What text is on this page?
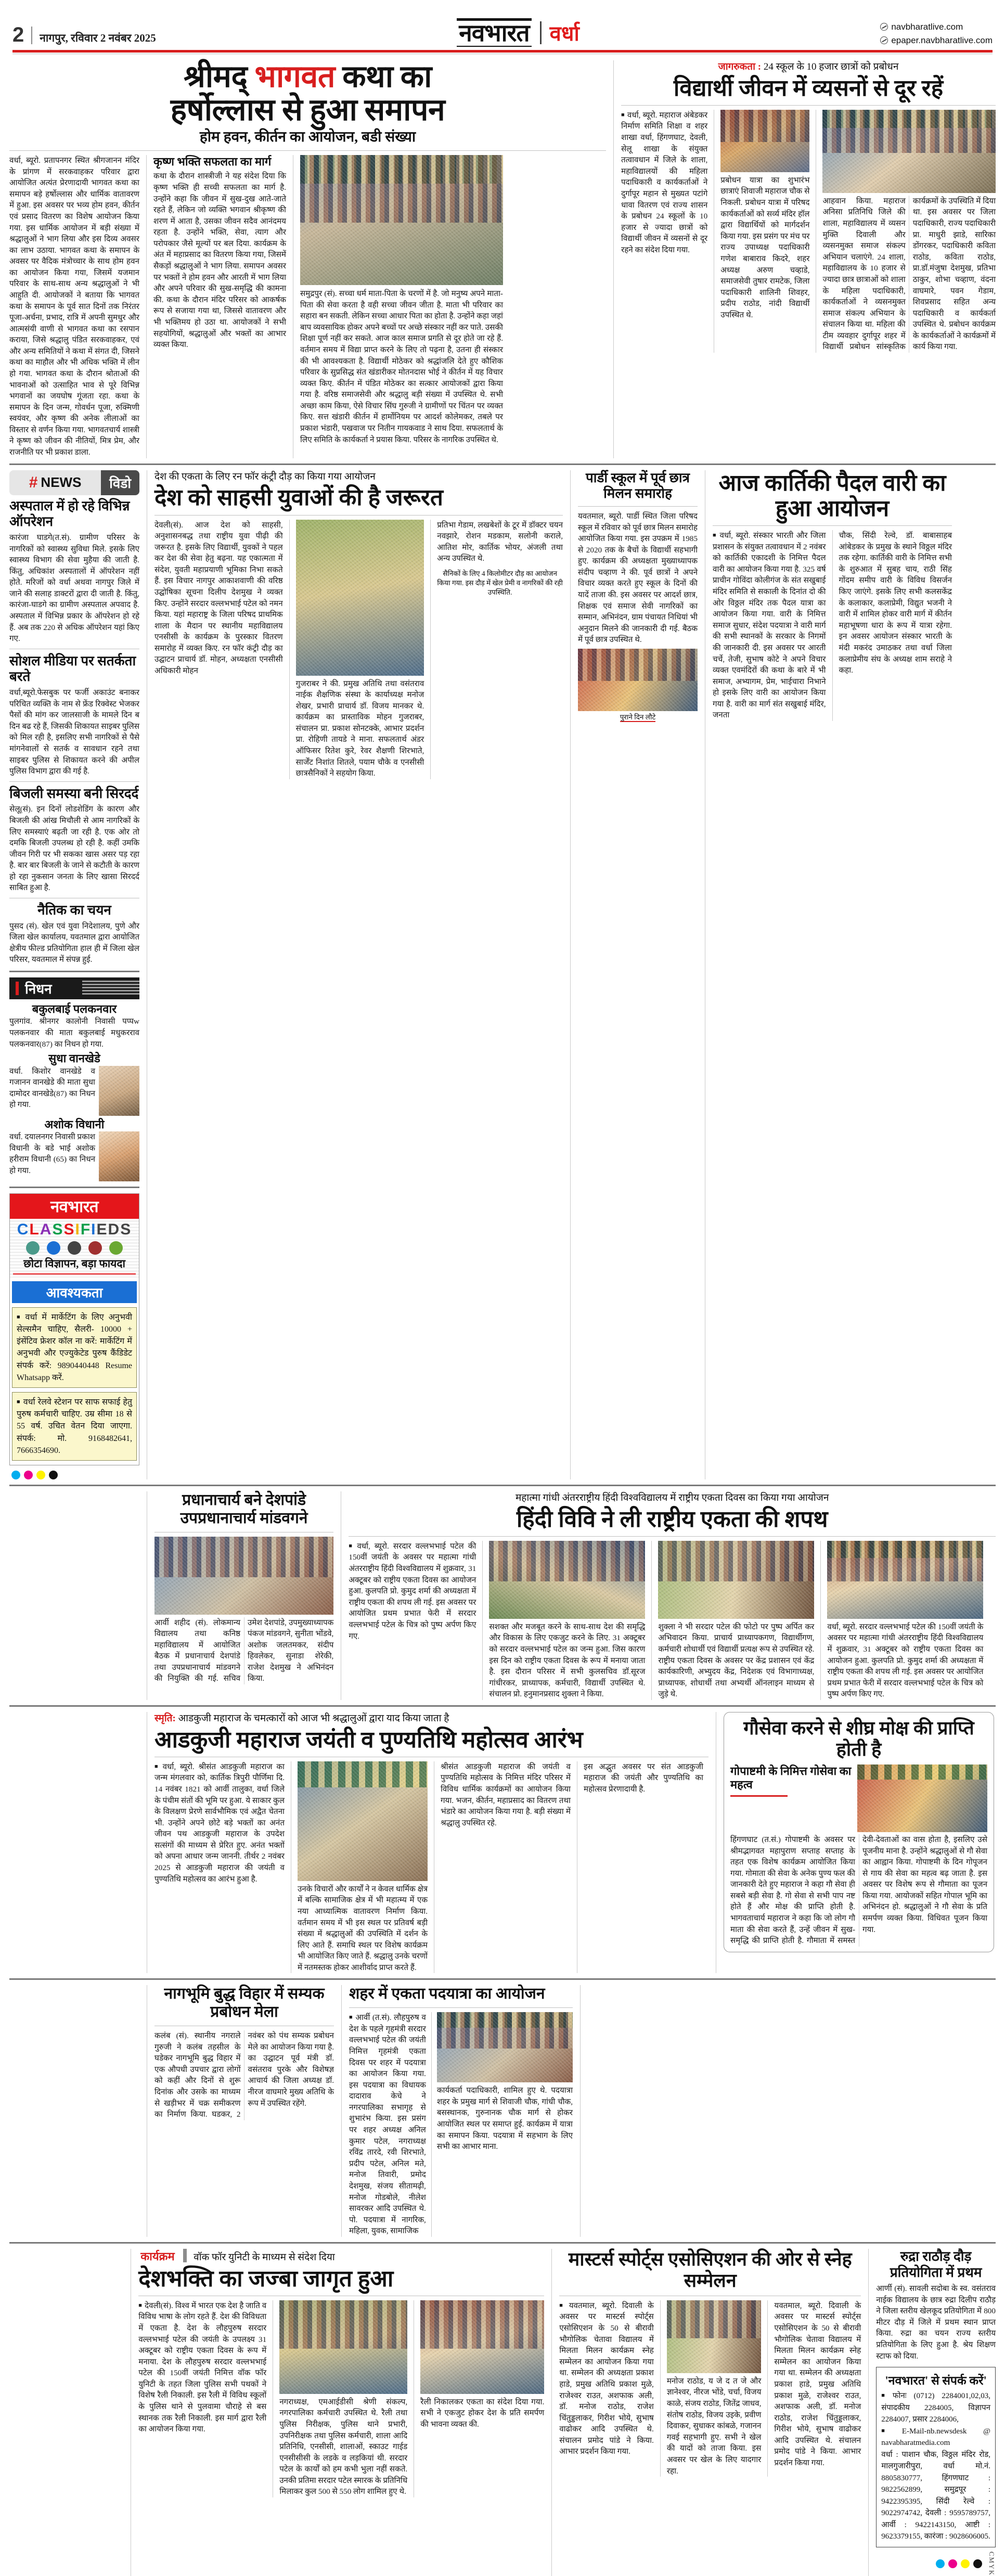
2 नागपुर, रविवार 2 नवंबर 2025	नवभारत वर्धा	navbharatlive.com
epaper.navbharatlive.com
श्रीमद् भागवत कथा का
हर्षोल्लास से हुआ समापन
होम हवन, कीर्तन का आयोजन, बडी संख्या
वर्धा, ब्यूरो. प्रतापनगर स्थित श्रीगजानन मंदिर के प्रांगण में सरकवाहकर परिवार द्वारा आयोजित अत्यंत प्रेरणादायी भागवत कथा का समापन बड़े हर्षोल्लास और धार्मिक वातावरण में हुआ. इस अवसर पर भव्य होम हवन, कीर्तन एवं प्रसाद वितरण का विशेष आयोजन किया गया. इस धार्मिक आयोजन में बड़ी संख्या में श्रद्धालुओं ने भाग लिया और इस दिव्य अवसर का लाभ उठाया. भागवत कथा के समापन के अवसर पर वैदिक मंत्रोच्चार के साथ होम हवन का आयोजन किया गया, जिसमें यजमान परिवार के साथ-साथ अन्य श्रद्धालुओं ने भी आहुति दी. आयोजकों ने बताया कि भागवत कथा के समापन के पूर्व सात दिनों तक निरंतर पूजा-अर्चना, प्रभाद, रात्रि में अपनी सुमधुर और आत्मसंयी वाणी से भागवत कथा का रसपान कराया, जिसे श्रद्धालु पंडित सरकवाहकर, एवं और अन्य समितियों ने कथा में संगत दी, जिसने कथा का माहौल और भी अधिक भक्ति में लीन हो गया. भागवत कथा के दौरान श्रोताओं की भावनाओं को उत्साहित भाव से पूरे विभिन्न भगवानों का जयघोष गूंजता रहा. कथा के समापन के दिन जन्म, गोवर्धन पूजा, रुक्मिणी स्वयंवर, और कृष्ण की अनेक लीलाओं का विस्तार से वर्णन किया गया. भागवतचार्य शास्त्री ने कृष्ण को जीवन की नीतियों, मित्र प्रेम, और राजनीति पर भी प्रकाश डाला.
कृष्ण भक्ति सफलता का मार्ग
कथा के दौरान शास्त्रीजी ने यह संदेश दिया कि कृष्ण भक्ति ही सच्ची सफलता का मार्ग है. उन्होंने कहा कि जीवन में सुख-दुख आते-जाते रहते हैं, लेकिन जो व्यक्ति भगवान श्रीकृष्ण की शरण में आता है, उसका जीवन सदैव आनंदमय रहता है. उन्होंने भक्ति, सेवा, त्याग और परोपकार जैसे मूल्यों पर बल दिया. कार्यक्रम के अंत में महाप्रसाद का वितरण किया गया, जिसमें सैकड़ों श्रद्धालुओं ने भाग लिया. समापन अवसर पर भक्तों ने होम हवन और आरती में भाग लिया और अपने परिवार की सुख-समृद्धि की कामना की. कथा के दौरान मंदिर परिसर को आकर्षक रूप से सजाया गया था, जिससे वातावरण और भी भक्तिमय हो उठा था. आयोजकों ने सभी सहयोगियों, श्रद्धालुओं और भक्तों का आभार व्यक्त किया.
समुद्रपुर (सं). सच्चा धर्म माता-पिता के चरणों में है. जो मनुष्य अपने माता-पिता की सेवा करता है वही सच्चा जीवन जीता है. माता भी परिवार का सहारा बन सकती. लेकिन सच्चा आधार पिता का होता है. उन्होंने कहा जहां बाप व्यवसायिक होकर अपने बच्चों पर अच्छे संस्कार नहीं कर पाते. उसकी शिक्षा पूर्ण नहीं कर सकते. आज काल समाज प्रगति से दूर होते जा रहे हैं. वर्तमान समय में विद्या प्राप्त करने के लिए तो पढ़ना है, उतना ही संस्कार की भी आवश्यकता है. विद्यार्थी मोठेकर को श्रद्धांजलि देते हुए कौशिक परिवार के सुप्रसिद्ध संत खंडारीकर मोतनदास भोई ने कीर्तन में यह विचार व्यक्त किए. कीर्तन में पंडित मोठेकर का सत्कार आयोजकों द्वारा किया गया है. वरिष्ठ समाजसेवी और श्रद्धालु बड़ी संख्या में उपस्थित थे. सभी अच्छा काम किया, ऐसे विचार सिंघ गुरुजी ने ग्रामीणों पर चिंतन पर व्यक्त किए. सत्त खंडारी कीर्तन में हार्मोनियम पर आदर्श कोलेमकर, तबले पर प्रकाश भंडारी, पखवाज पर नितीन गायकवाड ने साथ दिया. सफलतार्थ के लिए समिति के कार्यकर्ता ने प्रयास किया. परिसर के नागरिक उपस्थित थे.
जागरुकता : 24 स्कूल के 10 हजार छात्रों को प्रबोधन
विद्यार्थी जीवन में व्यसनों से दूर रहें
■ वर्धा, ब्यूरो. महाराज अंबेडकर निर्माण समिति शिक्षा व शहर शाखा वर्धा, हिंगणघाट, देवली, सेलू शाखा के संयुक्त तत्वावधान में जिले के शाला, महाविद्यालयों की महिला पदाधिकारी व कार्यकर्ताओं ने दुर्गापूर महान से मुख्यत पटांगे धावा वितरण एवं राज्य शासन के प्रबोधन 24 स्कूलों के 10 हजार से ज्यादा छात्रों को विद्यार्थी जीवन में व्यसनों से दूर रहने का संदेश दिया गया.
प्रबोधन यात्रा का शुभारंभ छात्राएं शिवाजी महाराज चौक से निकली. प्रबोधन यात्रा में परिषद कार्यकर्ताओं को सर्व्य मंदिर हॉल द्वारा विद्यार्थियों को मार्गदर्शन किया गया. इस प्रसंग पर मंच पर राज्य उपाध्यक्ष पदाधिकारी गणेश बाबाराव किदरे, शहर अध्यक्ष अरुण चव्हाडे, समाजसेवी तुषार रामटेक, जिला पदाधिकारी शालिनी शिवहर, प्रदीप राठोड, नांदी विद्यार्थी उपस्थित थे.
आहवान किया. महाराज अनिसा प्रतिनिधि जिले की शाला, महाविद्यालय में व्यसन मुक्ति दिवाली और व्यसनमुक्त समाज संकल्प अभियान चलाएंगे. 24 शाला, महाविद्यालय के 10 हजार से ज्यादा छात्र छात्राओं को शाला के महिला पदाधिकारी, कार्यकर्ताओं ने व्यसनमुक्त समाज संकल्प अभियान के संचालन किया था. महिला की टीम व्यवहार दुर्गापूर शहर में विद्यार्थी प्रबोधन सांस्कृतिक कार्यक्रमों के उपस्थिति में दिया था. इस अवसर पर जिला पदाधिकारी, राज्य पदाधिकारी प्रा. माधुरी झाडे, सारिका डोंगरकर, पदाधिकारी कविता राठोड, कविता राठोड, प्रा.डॉ.मंजुषा देशमुख, प्रतिभा ठाकुर, शोभा चव्हाण, वंदना वाघमारे, पवन गेडाम, शिवप्रसाद सहित अन्य पदाधिकारी व कार्यकर्ता उपस्थित थे. प्रबोधन कार्यक्रम के कार्यकर्ताओं ने कार्यक्रमों में कार्य किया गया.
# NEWS	विडो
अस्पताल में हो रहे विभिन्न ऑपरेशन
कारंजा घाडगे(त.सं). ग्रामीण परिसर के नागरिकों को स्वास्थ्य सुविधा मिले. इसके लिए स्वास्थ्य विभाग की सेवा मुहैया की जाती है. किंतु, अधिकांश अस्पतालों में ऑपरेशन नहीं होते. मरिजों को वर्धा अथवा नागपुर जिले में जाने की सलाह डाक्टरों द्वारा दी जाती है. किंतु, कारंजा-घाडगे का ग्रामीण अस्पताल अपवाद है. अस्पताल में विभिन्न प्रकार के ऑपरेशन हो रहे हैं. अब तक 220 से अधिक ऑपरेशन यहां किए गए.
सोशल मीडिया पर सतर्कता बरते
वर्धा,ब्यूरो.फेसबुक पर फर्जी अकाउंट बनाकर परिचित व्यक्ति के नाम से फ्रेंड रिक्वेस्ट भेजकर पैसों की मांग कर जालसाजी के मामले दिन ब दिन बढ रहे हैं, जिसकी शिकायत साइबर पुलिस को मिल रही है, इसलिए सभी नागरिकों से पैसे मांगनेवालों से सतर्क व सावधान रहने तथा साइबर पुलिस से शिकायत करने की अपील पुलिस विभाग द्वारा की गई है.
बिजली समस्या बनी सिरदर्द
सेलू(सं). इन दिनों लोडशेडिंग के कारण और बिजली की आंख मिचौली से आम नागरिकों के लिए समस्याएं बढ़ती जा रही है. एक ओर तो दमकि बिजली उपलब्ध हो रही है. कहीं उमकि जीवन गिरी पर भी सकका खास असर पड़ रहा है. बार बार बिजली के जाने से कटौती के कारण हो रहा नुकसान जनता के लिए खासा सिरदर्द साबित हुआ है.
नैतिक का चयन
पुसद (सं). खेल एवं युवा निदेशालय, पुणे और जिला खेल कार्यालय, यवतमाल द्वारा आयोजित क्षेत्रीय फील्ड प्रतियोगिता हाल ही में जिला खेल परिसर, यवतमाल में संपन्न हुई.
निधन
बकुलबाई पलकनवार
पुलगांव. श्रीनगर कालोनी निवासी पप्पw पलकनवार की माता बकुलबाई मधुकरराव पलकनवार(87) का निधन हो गया.
सुधा वानखेडे
वर्धा. किशोर वानखेडे व गजानन वानखेडे की माता सुधा दामोदर वानखेडे(87) का निधन हो गया.
अशोक विधानी
वर्धा. दयालनगर निवासी प्रकाश विधानी के बडे भाई अशोक हरीराम विधानी (65) का निधन हो गया.
नवभारत
CLASSIFIEDS
छोटा विज्ञापन, बड़ा फायदा
आवश्यकता
■ वर्धा में मार्केटिंग के लिए अनुभवी सेल्समैन चाहिए, सैलरी- 10000 + इंसेंटिव फ्रेशर कॉल ना करें: मार्केटिंग में अनुभवी और एज्युकेटेड पुरुष कैंडिडेट संपर्क करें: 9890440448 Resume Whatsapp करें.
■ वर्धा रेलवे स्टेशन पर साफ सफाई हेतु पुरुष कर्मचारी चाहिए. उम्र सीमा 18 से 55 वर्ष. उचित वेतन दिया जाएगा. संपर्क: मो. 9168482641, 7666354690.
देश की एकता के लिए रन फॉर कंट्री दौड़ का किया गया आयोजन
देश को साहसी युवाओं की है जरूरत
देवली(सं). आज देश को साहसी, अनुशासनबद्ध तथा राष्ट्रीय युवा पीढ़ी की जरूरत है. इसके लिए विद्यार्थी, युवकों ने पहल कर देश की सेवा हेतु बढ़ना. यह एकात्मता में संदेश, युवती महाप्रयाणी भूमिका निभा सकते हैं. इस विचार नागपुर आकाशवाणी की वरिष्ठ उद्घोषिका सूचना दिलीप देशमुख ने व्यक्त किए. उन्होंने सरदार वल्लभभाई पटेल को नमन किया. यहां महाराष्ट्र के जिला परिषद प्राथमिक शाला के मैदान पर स्थानीय महाविद्यालय एनसीसी के कार्यक्रम के पुरस्कार वितरण समारोह में व्यक्त किए. रन फॉर कंट्री दौड़ का उद्घाटन प्राचार्य डॉ. मोहन, अध्यक्षता एनसीसी अधिकारी मोहन
गुजराबर ने की. प्रमुख अतिथि तथा वसंतराव नाईक शैक्षणिक संस्था के कार्याध्यक्ष मनोज शेखर, प्रभारी प्राचार्य डॉ. विजय मानकर थे. कार्यक्रम का प्रास्ताविक मोहन गुजराबर, संचालन प्रा. प्रकाश सोनटक्के, आभार प्रदर्शन प्रा. रोहिणी तायडे ने माना. सफलतार्थ अंडर ऑफिसर रितेश कुरे, रेवर शैक्षणी शिरभाते, सार्जेंट निशांत शितले, पयाम चौके व एनसीसी छात्रसैनिकों ने सहयोग किया.
प्रतिभा गेडाम, लखबेशों के टूर में डॉक्टर चयन नवझारे, रोशन मडकाम, सलोनी कराले, आतिश मोर, कार्तिक भोयर, अंजली तथा अन्य उपस्थित थे.
सैनिकों के लिए 4 किलोमीटर दौड़ का आयोजन किया गया. इस दौड़ में खेल प्रेमी व नागरिकों की रही उपस्थिति.
पार्डी स्कूल में पूर्व छात्र मिलन समारोह
यवतमाल, ब्यूरो. पार्डी स्थित जिला परिषद स्कूल में रविवार को पूर्व छात्र मिलन समारोह आयोजित किया गया. इस उपक्रम में 1985 से 2020 तक के बैचों के विद्यार्थी सहभागी हुए. कार्यक्रम की अध्यक्षता मुख्याध्यापक संदीप चव्हाण ने की. पूर्व छात्रों ने अपने विचार व्यक्त करते हुए स्कूल के दिनों की यादें ताजा की. इस अवसर पर आदर्श छात्र, शिक्षक एवं समाज सेवी नागरिकों का सम्मान, अभिनंदन, ग्राम पंचायत निधियां भी अनुदान मिलने की जानकारी दी गई. बैठक में पूर्व छात्र उपस्थित थे.
पुराने दिन लौटे
आज कार्तिकी पैदल वारी का हुआ आयोजन
■ वर्धा, ब्यूरो. संस्कार भारती और जिला प्रशासन के संयुक्त तत्वावधान में 2 नवंबर को कार्तिकी एकादशी के निमित्त पैदल वारी का आयोजन किया गया है. 325 वर्ष प्राचीन गोविंदा कोलीगंज के संत सखुबाई मंदिर समिति से सकाली के दिनांत दो की ओर विठ्ठल मंदिर तक पैदल यात्रा का आयोजन किया गया. वारी के निमित्त समाज सुधार, संदेश पदयात्रा ने वारी मार्ग की सभी स्थानकों के सरकार के निगमों की जानकारी दी. इस अवसर पर आरती चर्चे, तेजी, सुभाष कोटे ने अपने विचार व्यक्त एवमंदिरों की कथा के बारे में भी समाज, अभ्यागम, प्रेम, भाईचारा निभाने हो इसके लिए वारी का आयोजन किया गया है. वारी का मार्ग संत सखुबाई मंदिर, जनता
चौक, सिंदी रेल्वे, डॉ. बाबासाहब आंबेडकर के प्रमुख के स्थाने विठ्ठल मंदिर तक रहेगा. कार्तिकी वारी के निमित्त सभी के शुरुआत में सुबह चाय, राठी सिंह गोंदम समीप वारी के विविध विसर्जन किए जाएंगे. इसके लिए सभी कलसकेंद्र के कलाकार, कलाप्रेमी, विद्युत भजनी ने वारी में शामिल होकर वारी मार्ग में कीर्तन महाभूषणा धारा के रूप में यात्रा रहेगा. इन अवसर आयोजन संस्कार भारती के मंदी मकरंद उमाठकर तथा वर्धा जिला कलाप्रेमीय संघ के अध्यक्ष शाम सराहे ने कहा.
प्रधानाचार्य बने देशपांडे
उपप्रधानाचार्य मांडवगने
आर्वी शहीद (सं). लोकमान्य विद्यालय तथा कनिष्ठ महाविद्यालय में आयोजित बैठक में प्रधानाचार्य देशपांडे तथा उपप्रधानाचार्य मांडवगने की नियुक्ति की गई. सचिव उमेश देशपांडे, उपमुख्याध्यापक पंकज मांडवगने, सुनीता भोंडवे, अशोक जलतमकर, संदीप हिवलेकर, सुनाडा शेरेकी, राजेश देशमुख ने अभिनंदन किया.
महात्मा गांधी अंतरराष्ट्रीय हिंदी विश्वविद्यालय में राष्ट्रीय एकता दिवस का किया गया आयोजन
हिंदी विवि ने ली राष्ट्रीय एकता की शपथ
■ वर्धा, ब्यूरो. सरदार वल्लभभाई पटेल की 150वीं जयंती के अवसर पर महात्मा गांधी अंतरराष्ट्रीय हिंदी विश्वविद्यालय में शुक्रवार, 31 अक्टूबर को राष्ट्रीय एकता दिवस का आयोजन हुआ. कुलपति प्रो. कुमुद शर्मा की अध्यक्षता में राष्ट्रीय एकता की शपथ ली गई. इस अवसर पर आयोजित प्रथम प्रभात फेरी में सरदार वल्लभभाई पटेल के चित्र को पुष्प अर्पण किए गए.
सशक्त और मजबूत करने के साथ-साथ देश की समृद्धि और विकास के लिए एकजुट करने के लिए. 31 अक्टूबर को सरदार वल्लभभाई पटेल का जन्म हुआ. जिस कारण इस दिन को राष्ट्रीय एकता दिवस के रूप में मनाया जाता है. इस दौरान परिसर में सभी कुलसचिव डॉ.सूरज गांधीरकर, प्राध्यापक, कर्मचारी, विद्यार्थी उपस्थित थे. संचालन प्रो. हनुमानप्रसाद शुक्ला ने किया.
शुक्ला ने भी सरदार पटेल की फोटो पर पुष्प अर्पित कर अभिवादन किया. प्राचार्य प्राध्यापकगण, विद्यार्थीगण, कर्मचारी शोधार्थी एवं विद्यार्थी प्रत्यक्ष रूप से उपस्थित रहे. राष्ट्रीय एकता दिवस के अवसर पर केंद्र प्रशासन एवं केंद्र कार्यकारिणी, अभ्युदय केंद्र, निदेशक एवं विभागाध्यक्ष, प्राध्यापक, शोधार्थी तथा अभ्यर्थी ऑनलाइन माध्यम से जुड़े थे.
वर्धा, ब्यूरो. सरदार वल्लभभाई पटेल की 150वीं जयंती के अवसर पर महात्मा गांधी अंतरराष्ट्रीय हिंदी विश्वविद्यालय में शुक्रवार, 31 अक्टूबर को राष्ट्रीय एकता दिवस का आयोजन हुआ. कुलपति प्रो. कुमुद शर्मा की अध्यक्षता में राष्ट्रीय एकता की शपथ ली गई. इस अवसर पर आयोजित प्रथम प्रभात फेरी में सरदार वल्लभभाई पटेल के चित्र को पुष्प अर्पण किए गए.
स्मृति: आडकुजी महाराज के चमत्कारों को आज भी श्रद्धालुओं द्वारा याद किया जाता है
आडकुजी महाराज जयंती व पुण्यतिथि महोत्सव आरंभ
■ वर्धा, ब्यूरो. श्रीसंत आडकुजी महाराज का जन्म मंगलवार को, कार्तिक त्रिपुरी पौर्णिमा दि. 14 नवंबर 1821 को आर्वी तालुका, वर्धा जिले के पंचीम संतों की भूमि पर हुआ. ये साकार कुल के विलक्षण प्रेरणे सार्वभौमिक एवं अद्वैत चेतना भी. उन्होंने अपने छोटे बड़े भक्तों का अनंत जीवन पथ आडकुजी महाराज के उपदेश सत्संगों की माध्यम से प्रेरित हुए. अनंत भक्तों को अपना आधार जन्म जाननी. तीर्थर 2 नवंबर 2025 से आडकुजी महाराज की जयंती व पुण्यतिथि महोत्सव का आरंभ हुआ है.
उनके विचारों और कार्यों ने न केवल धार्मिक क्षेत्र में बल्कि सामाजिक क्षेत्र में भी महात्म्य में एक नया आध्यात्मिक वातावरण निर्माण किया. वर्तमान समय में भी इस स्थल पर प्रतिवर्ष बड़ी संख्या में श्रद्धालुओं की उपस्थिति में दर्शन के लिए आते हैं. समाधि स्थल पर विशेष कार्यक्रम भी आयोजित किए जाते हैं. श्रद्धालु उनके चरणों में नतमस्तक होकर आशीर्वाद प्राप्त करते हैं.
श्रीसंत आडकुजी महाराज की जयंती व पुण्यतिथि महोत्सव के निमित्त मंदिर परिसर में विविध धार्मिक कार्यक्रमों का आयोजन किया गया. भजन, कीर्तन, महाप्रसाद का वितरण तथा भंडारे का आयोजन किया गया है. बड़ी संख्या में श्रद्धालु उपस्थित रहे.
इस अद्भुत अवसर पर संत आडकुजी महाराज की जयंती और पुण्यतिथि का महोत्सव प्रेरणादायी है.
गौसेवा करने से शीघ्र मोक्ष की प्राप्ति होती है
गोपाष्टमी के निमित्त गोसेवा का महत्व
हिंगणघाट (त.सं.) गोपाष्टमी के अवसर पर श्रीमद्भागवत महापुराण सप्ताह सप्ताह के तहत एक विशेष कार्यक्रम आयोजित किया गया. गोमाता की सेवा के अनेक पुण्य फल की जानकारी देते हुए महाराज ने कहा गौ सेवा ही सबसे बड़ी सेवा है. गो सेवा से सभी पाप नष्ट होते हैं और मोक्ष की प्राप्ति होती है. भागवताचार्य महाराज ने कहा कि जो लोग गौ माता की सेवा करते हैं, उन्हें जीवन में सुख-समृद्धि की प्राप्ति होती है. गौमाता में समस्त देवी-देवताओं का वास होता है, इसलिए उसे पूजनीय माना है. उन्होंने श्रद्धालुओं से गौ सेवा का आह्वान किया. गोपाष्टमी के दिन गोपूजन से गाय की सेवा का महत्व बढ़ जाता है. इस अवसर पर विशेष रूप से गौमाता का पूजन किया गया. आयोजकों सहित गोपाल भूमि का अभिनंदन हो. श्रद्धालुओं ने गौ सेवा के प्रति समर्पण व्यक्त किया. विधिवत पूजन किया गया.
नागभूमि बुद्ध विहार में सम्यक प्रबोधन मेला
कलंब (सं). स्थानीय नगराले गुरुजी ने कलंब तहसील के घडेकर नागभूमि बुद्ध विहार में एक औपधी उपचार द्वारा लोगों को कहीं और दिनों से शुरू दिनांक और उसके का माध्यम से खड़ीभर में चक्र समीकरण का निर्माण किया. घडकर, 2 नवंबर को पंथ सम्यक प्रबोधन मेले का आयोजन किया गया है. का उद्घाटन पूर्व मंत्री डॉ. वसंतराव पुरके और विशेषज्ञ आचार्य की जिला अध्यक्ष डॉ. नीरज वाघमारे मुख्य अतिथि के रूप में उपस्थित रहेंगे.
शहर में एकता पदयात्रा का आयोजन
■ आर्वी (त.सं). लौहपुरुष व देश के पहले गृहमंत्री सरदार वल्लभभाई पटेल की जयंती निमित्त गृहमंत्री एकता दिवस पर शहर में पदयात्रा का आयोजन किया गया. इस पदयात्रा का विधायक दादाराव केचे ने नगरपालिका सभागृह से शुभारंभ किया. इस प्रसंग पर शहर अध्यक्ष अनिल कुमार पटेल, नगराध्यक्ष रविंद्र तारदे, रवी शिरभाते, प्रदीप पटेल, अनिल मते, मनोज तिवारी, प्रमोद देशमुख, संजय सीतामढ़ी, मनोज गोडबोले, नीलेश सावरकर आदि उपस्थित थे. पो. पदयात्रा में नागरिक, महिला, युवक, सामाजिक
कार्यकर्ता पदाधिकारी, शामिल हुए थे. पदयात्रा शहर के प्रमुख मार्ग से शिवाजी चौक, गांधी चौक, बसस्थानक, गुरुनानक चौक मार्ग से होकर आयोजित स्थल पर समाप्त हुई. कार्यक्रम में यात्रा का समापन किया. पदयात्रा में सहभाग के लिए सभी का आभार माना.
कार्यक्रम वॉक फॉर युनिटी के माध्यम से संदेश दिया
देशभक्ति का जज्बा जागृत हुआ
■ देवली(सं). विश्व में भारत एक देश है जाति व विविध भाषा के लोग रहते हैं. देश की विविधता में एकता है. देश के लौहपुरुष सरदार वल्लभभाई पटेल की जयंती के उपलक्ष्य 31 अक्टूबर को राष्ट्रीय एकता दिवस के रूप में मनाया. देश के लौहपुरुष सरदार वल्लभभाई पटेल की 150वीं जयंती निमित्त वॉक फॉर युनिटी के तहत जिला पुलिस सभी पथकों ने विशेष रैली निकाली. इस रैली में विविध स्कूलों के पुलिस थाने से पुलवामा चौराहे से बस स्थानक तक रैली निकाली. इस मार्ग द्वारा रैली का आयोजन किया गया.
नगराध्यक्ष, एमआईडीसी श्रेणी संकल्प, नगरपालिका कर्मचारी उपस्थित थे. रैली तथा पुलिस निरीक्षक, पुलिस थाने प्रभारी, उपनिरीक्षक तथा पुलिस कर्मचारी, शाला आदि प्रतिनिधि, एनसीसी, शालाओं, स्काउट गाईड एनसीसीसी के लडके व लड़कियां थी. सरदार पटेल के कार्यों को हम कभी भुला नहीं सकते. उनकी प्रतिमा सरदार पटेल स्मारक के प्रतिनिधि मिलाकर कुल 500 से 550 लोग शामिल हुए थे.
रैली निकालकर एकता का संदेश दिया गया. सभी ने एकजुट होकर देश के प्रति समर्पण की भावना व्यक्त की.
मास्टर्स स्पोर्ट्स एसोसिएशन की ओर से स्नेह सम्मेलन
■ यवतमाल, ब्यूरो. दिवाली के अवसर पर मास्टर्स स्पोर्ट्स एसोसिएशन के 50 से बीरावी भौगोलिक चेतावा विद्यालय में मिलता मिलन कार्यक्रम स्नेह सम्मेलन का आयोजन किया गया था. सम्मेलन की अध्यक्षता प्रकाश हाडे, प्रमुख अतिथि प्रकाश मुळे, राजेश्वर राउत, अशफाक अली, डॉ. मनोज राठोड, राजेश चिंतुड्डलाकर, गिरीश भोये, सुभाष वाढोकर आदि उपस्थित थे. संचालन प्रमोद पांडे ने किया. आभार प्रदर्शन किया गया.
मनोज राठोड, य जे द त जे और ज्ञानेश्वर, नीरज भोंडे, चर्चा, विजय काळे, संजय राठोड, जितेंद्र जाधव, संतोष राठोड, विजय उइके, प्रवीण दिवाकर, सुधाकर कांबळे, गजानन गवई सहभागी हुए. सभी ने खेल की यादों को ताजा किया. इस अवसर पर खेल के लिए यादगार रहा.
यवतमाल, ब्यूरो. दिवाली के अवसर पर मास्टर्स स्पोर्ट्स एसोसिएशन के 50 से बीरावी भौगोलिक चेतावा विद्यालय में मिलता मिलन कार्यक्रम स्नेह सम्मेलन का आयोजन किया गया था. सम्मेलन की अध्यक्षता प्रकाश हाडे, प्रमुख अतिथि प्रकाश मुळे, राजेश्वर राउत, अशफाक अली, डॉ. मनोज राठोड, राजेश चिंतुड्डलाकर, गिरीश भोये, सुभाष वाढोकर आदि उपस्थित थे. संचालन प्रमोद पांडे ने किया. आभार प्रदर्शन किया गया.
रुद्रा राठौड़ दौड़
प्रतियोगिता में प्रथम
आर्णी (सं). सावली सदोबा के स्व. वसंतराव नाईक विद्यालय के छात्र रुद्रा दिलीप राठौड़ ने जिला स्तरीय खेलकूद प्रतियोगिता में 800 मीटर दौड़ में जिले में प्रथम स्थान प्राप्त किया. रुद्रा का चयन राज्य स्तरीय प्रतियोगिता के लिए हुआ है. श्रेय शिक्षण स्टाफ को दिया.
'नवभारत' से संपर्क करें'
■ फोनः (0712) 2284001,02,03, संपादकीय 2284005, विज्ञापन 2284007, प्रसार 2284006,
■ E-Mail-nb.newsdesk @ navabharatmedia.com
वर्धा : पाशान चौक, विठ्ठल मंदिर रोड, मालगुजारीपुरा, वर्धा मो.नं. 8805830777, हिंगणघाट : 9822562899, समुद्रपूर : 9422395395, सिंदी रेल्वे : 9022974742, देवली : 9595789757, आर्वी : 9422143150, आष्टी : 9623379155, कारंजा : 9028606005.
CMYK
